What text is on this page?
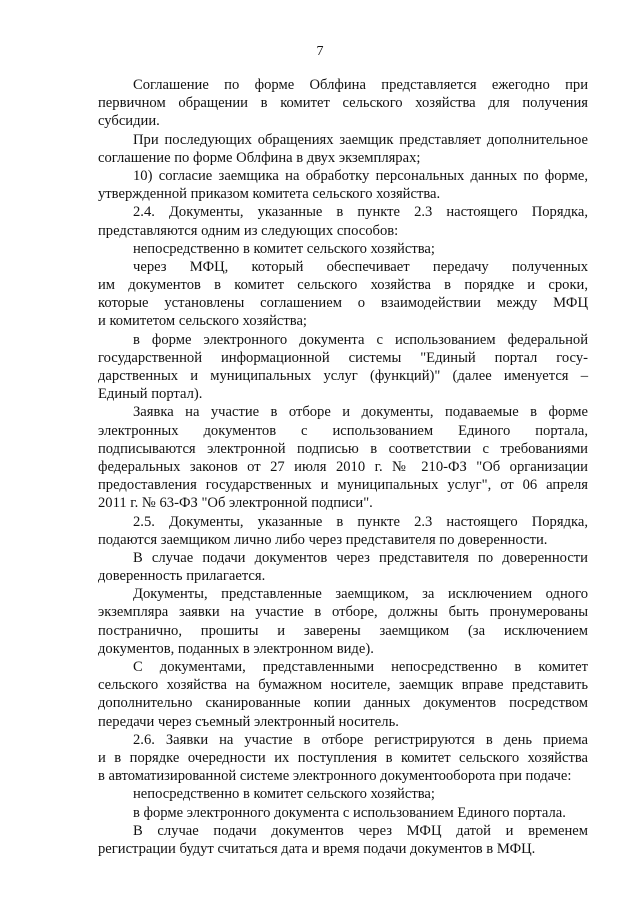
7
Соглашение по форме Облфина представляется ежегодно при
первичном обращении в комитет сельского хозяйства для получения
субсидии.
При последующих обращениях заемщик представляет дополнительное
соглашение по форме Облфина в двух экземплярах;
10) согласие заемщика на обработку персональных данных по форме,
утвержденной приказом комитета сельского хозяйства.
2.4. Документы, указанные в пункте 2.3 настоящего Порядка,
представляются одним из следующих способов:
непосредственно в комитет сельского хозяйства;
через МФЦ, который обеспечивает передачу полученных
им документов в комитет сельского хозяйства в порядке и сроки,
которые установлены соглашением о взаимодействии между МФЦ
и комитетом сельского хозяйства;
в форме электронного документа с использованием федеральной
государственной информационной системы "Единый портал госу-
дарственных и муниципальных услуг (функций)" (далее именуется –
Единый портал).
Заявка на участие в отборе и документы, подаваемые в форме
электронных документов с использованием Единого портала,
подписываются электронной подписью в соответствии с требованиями
федеральных законов от 27 июля 2010 г. № 210-ФЗ "Об организации
предоставления государственных и муниципальных услуг", от 06 апреля
2011 г. № 63-ФЗ "Об электронной подписи".
2.5. Документы, указанные в пункте 2.3 настоящего Порядка,
подаются заемщиком лично либо через представителя по доверенности.
В случае подачи документов через представителя по доверенности
доверенность прилагается.
Документы, представленные заемщиком, за исключением одного
экземпляра заявки на участие в отборе, должны быть пронумерованы
постранично, прошиты и заверены заемщиком (за исключением
документов, поданных в электронном виде).
С документами, представленными непосредственно в комитет
сельского хозяйства на бумажном носителе, заемщик вправе представить
дополнительно сканированные копии данных документов посредством
передачи через съемный электронный носитель.
2.6. Заявки на участие в отборе регистрируются в день приема
и в порядке очередности их поступления в комитет сельского хозяйства
в автоматизированной системе электронного документооборота при подаче:
непосредственно в комитет сельского хозяйства;
в форме электронного документа с использованием Единого портала.
В случае подачи документов через МФЦ датой и временем
регистрации будут считаться дата и время подачи документов в МФЦ.
